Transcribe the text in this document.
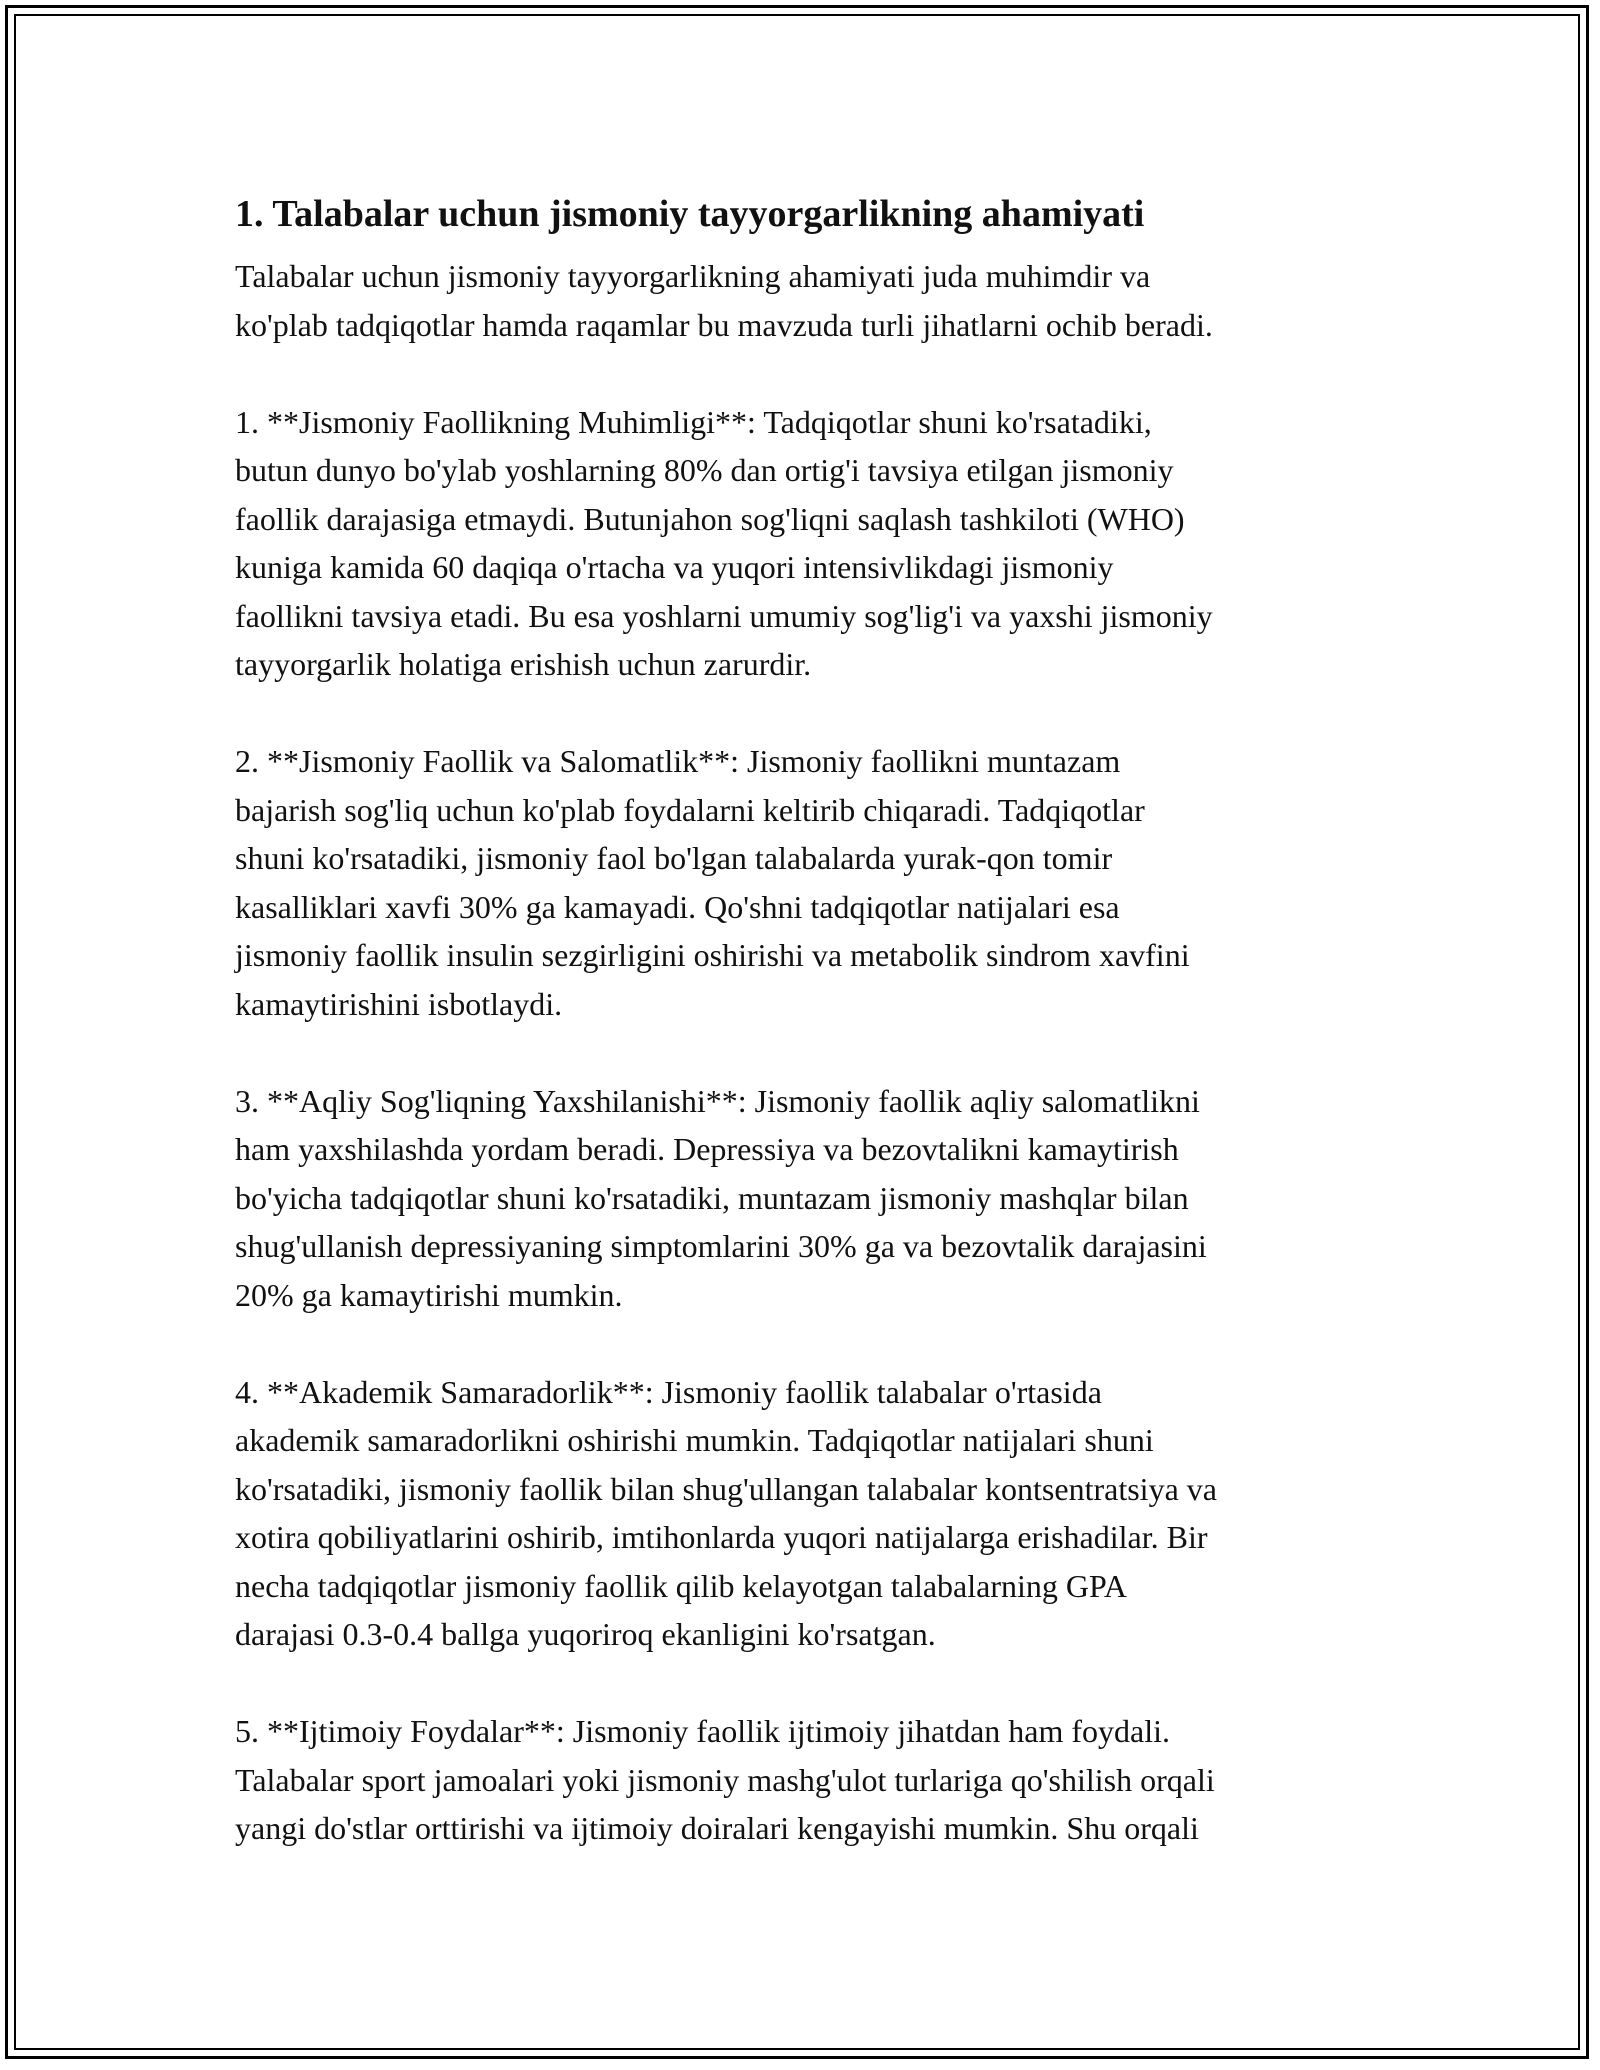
1. Talabalar uchun jismoniy tayyorgarlikning ahamiyati

Talabalar uchun jismoniy tayyorgarlikning ahamiyati juda muhimdir va
ko'plab tadqiqotlar hamda raqamlar bu mavzuda turli jihatlarni ochib beradi.

1. **Jismoniy Faollikning Muhimligi**: Tadqiqotlar shuni ko'rsatadiki,
butun dunyo bo'ylab yoshlarning 80% dan ortig'i tavsiya etilgan jismoniy
faollik darajasiga etmaydi. Butunjahon sog'liqni saqlash tashkiloti (WHO)
kuniga kamida 60 daqiqa o'rtacha va yuqori intensivlikdagi jismoniy
faollikni tavsiya etadi. Bu esa yoshlarni umumiy sog'lig'i va yaxshi jismoniy
tayyorgarlik holatiga erishish uchun zarurdir.

2. **Jismoniy Faollik va Salomatlik**: Jismoniy faollikni muntazam
bajarish sog'liq uchun ko'plab foydalarni keltirib chiqaradi. Tadqiqotlar
shuni ko'rsatadiki, jismoniy faol bo'lgan talabalarda yurak-qon tomir
kasalliklari xavfi 30% ga kamayadi. Qo'shni tadqiqotlar natijalari esa
jismoniy faollik insulin sezgirligini oshirishi va metabolik sindrom xavfini
kamaytirishini isbotlaydi.

3. **Aqliy Sog'liqning Yaxshilanishi**: Jismoniy faollik aqliy salomatlikni
ham yaxshilashda yordam beradi. Depressiya va bezovtalikni kamaytirish
bo'yicha tadqiqotlar shuni ko'rsatadiki, muntazam jismoniy mashqlar bilan
shug'ullanish depressiyaning simptomlarini 30% ga va bezovtalik darajasini
20% ga kamaytirishi mumkin.

4. **Akademik Samaradorlik**: Jismoniy faollik talabalar o'rtasida
akademik samaradorlikni oshirishi mumkin. Tadqiqotlar natijalari shuni
ko'rsatadiki, jismoniy faollik bilan shug'ullangan talabalar kontsentratsiya va
xotira qobiliyatlarini oshirib, imtihonlarda yuqori natijalarga erishadilar. Bir
necha tadqiqotlar jismoniy faollik qilib kelayotgan talabalarning GPA
darajasi 0.3-0.4 ballga yuqoriroq ekanligini ko'rsatgan.

5. **Ijtimoiy Foydalar**: Jismoniy faollik ijtimoiy jihatdan ham foydali.
Talabalar sport jamoalari yoki jismoniy mashg'ulot turlariga qo'shilish orqali
yangi do'stlar orttirishi va ijtimoiy doiralari kengayishi mumkin. Shu orqali
